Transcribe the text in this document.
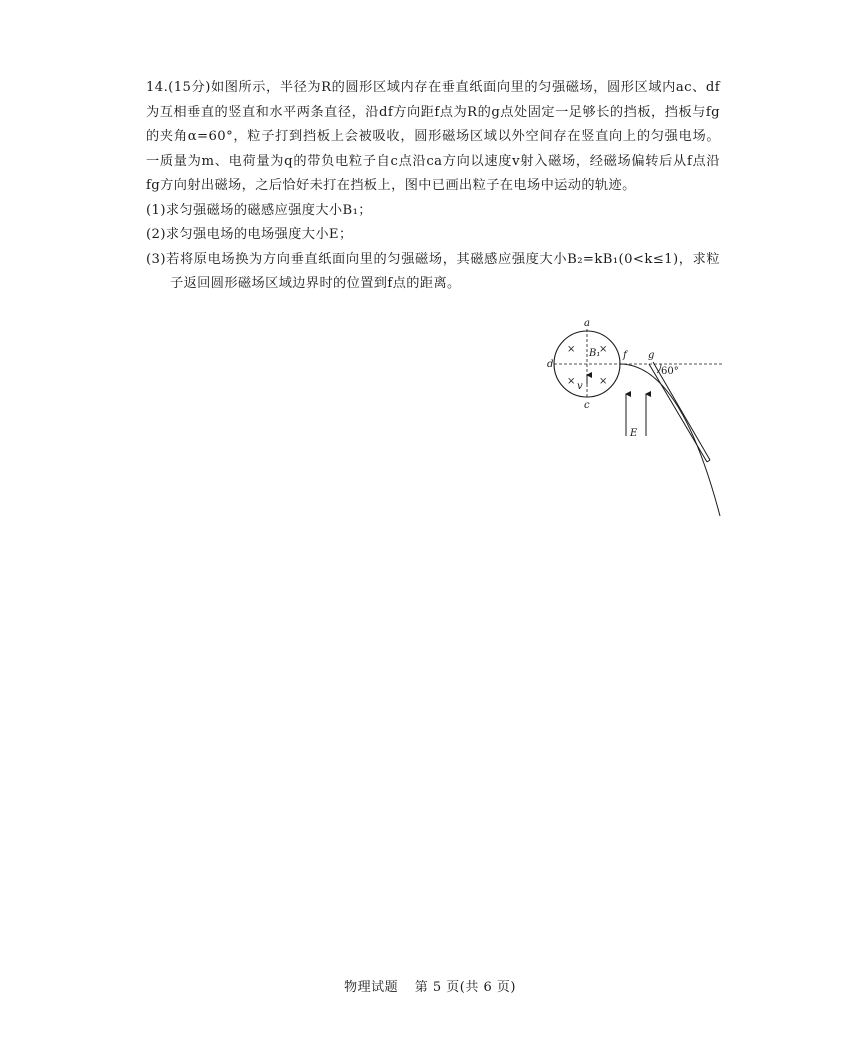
14.(15分)如图所示，半径为R的圆形区域内存在垂直纸面向里的匀强磁场，圆形区域内ac、df为互相垂直的竖直和水平两条直径，沿df方向距f点为R的g点处固定一足够长的挡板，挡板与fg的夹角α=60°，粒子打到挡板上会被吸收，圆形磁场区域以外空间存在竖直向上的匀强电场。一质量为m、电荷量为q的带负电粒子自c点沿ca方向以速度v射入磁场，经磁场偏转后从f点沿fg方向射出磁场，之后恰好未打在挡板上，图中已画出粒子在电场中运动的轨迹。

(1)求匀强磁场的磁感应强度大小B₁；

(2)求匀强电场的电场强度大小E；

(3)若将原电场换为方向垂直纸面向里的匀强磁场，其磁感应强度大小B₂=kB₁(0<k≤1)，求粒子返回圆形磁场区域边界时的位置到f点的距离。

× ×
× ×
a
c
d
f g
B₁
v
E
60°
物理试题 第 5 页(共 6 页)
